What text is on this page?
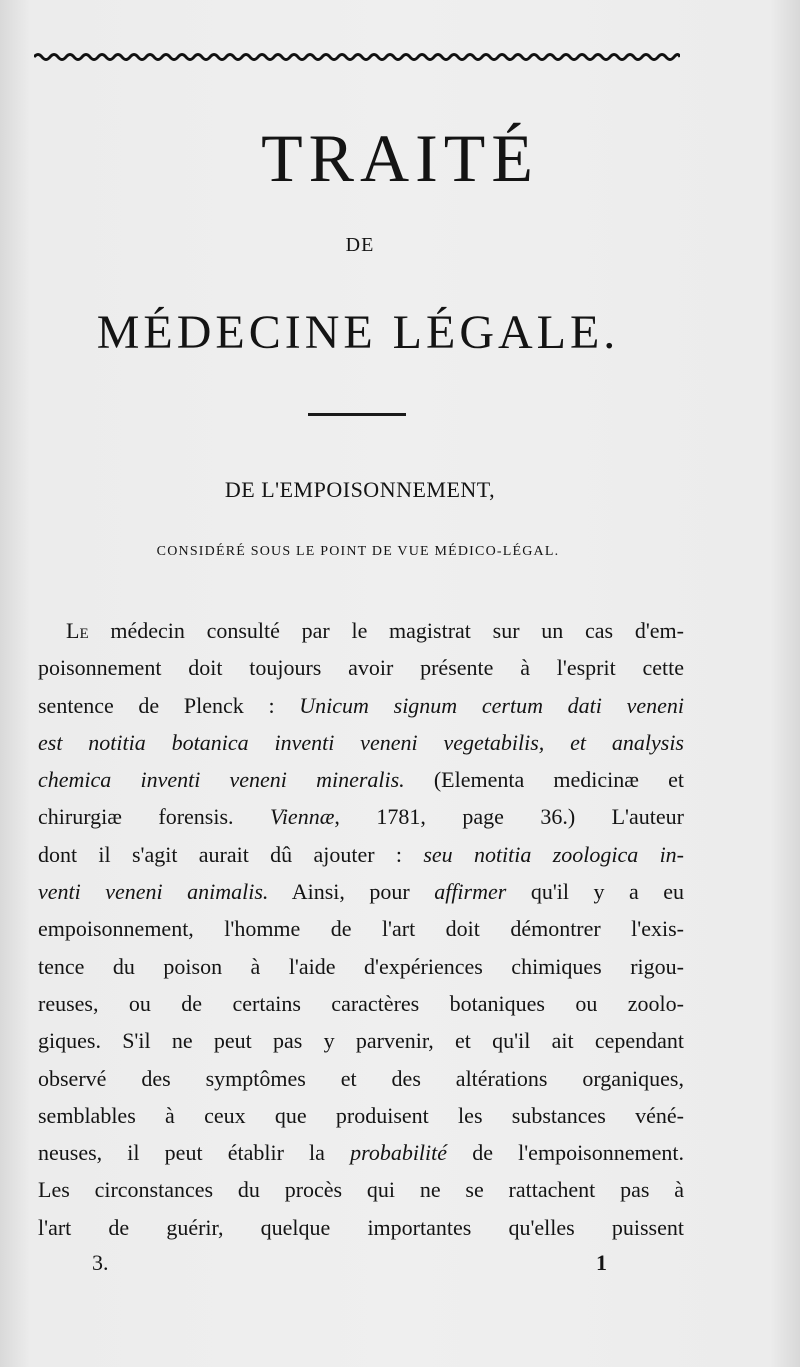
TRAITÉ
DE
MÉDECINE LÉGALE.
DE L'EMPOISONNEMENT,
CONSIDÉRÉ SOUS LE POINT DE VUE MÉDICO-LÉGAL.
Le médecin consulté par le magistrat sur un cas d'em-
poisonnement doit toujours avoir présente à l'esprit cette
sentence de Plenck : Unicum signum certum dati veneni
est notitia botanica inventi veneni vegetabilis, et analysis
chemica inventi veneni mineralis. (Elementa medicinæ et
chirurgiæ forensis. Viennæ, 1781, page 36.) L'auteur
dont il s'agit aurait dû ajouter : seu notitia zoologica in-
venti veneni animalis. Ainsi, pour affirmer qu'il y a eu
empoisonnement, l'homme de l'art doit démontrer l'exis-
tence du poison à l'aide d'expériences chimiques rigou-
reuses, ou de certains caractères botaniques ou zoolo-
giques. S'il ne peut pas y parvenir, et qu'il ait cependant
observé des symptômes et des altérations organiques,
semblables à ceux que produisent les substances véné-
neuses, il peut établir la probabilité de l'empoisonnement.
Les circonstances du procès qui ne se rattachent pas à
l'art de guérir, quelque importantes qu'elles puissent
3.	1
